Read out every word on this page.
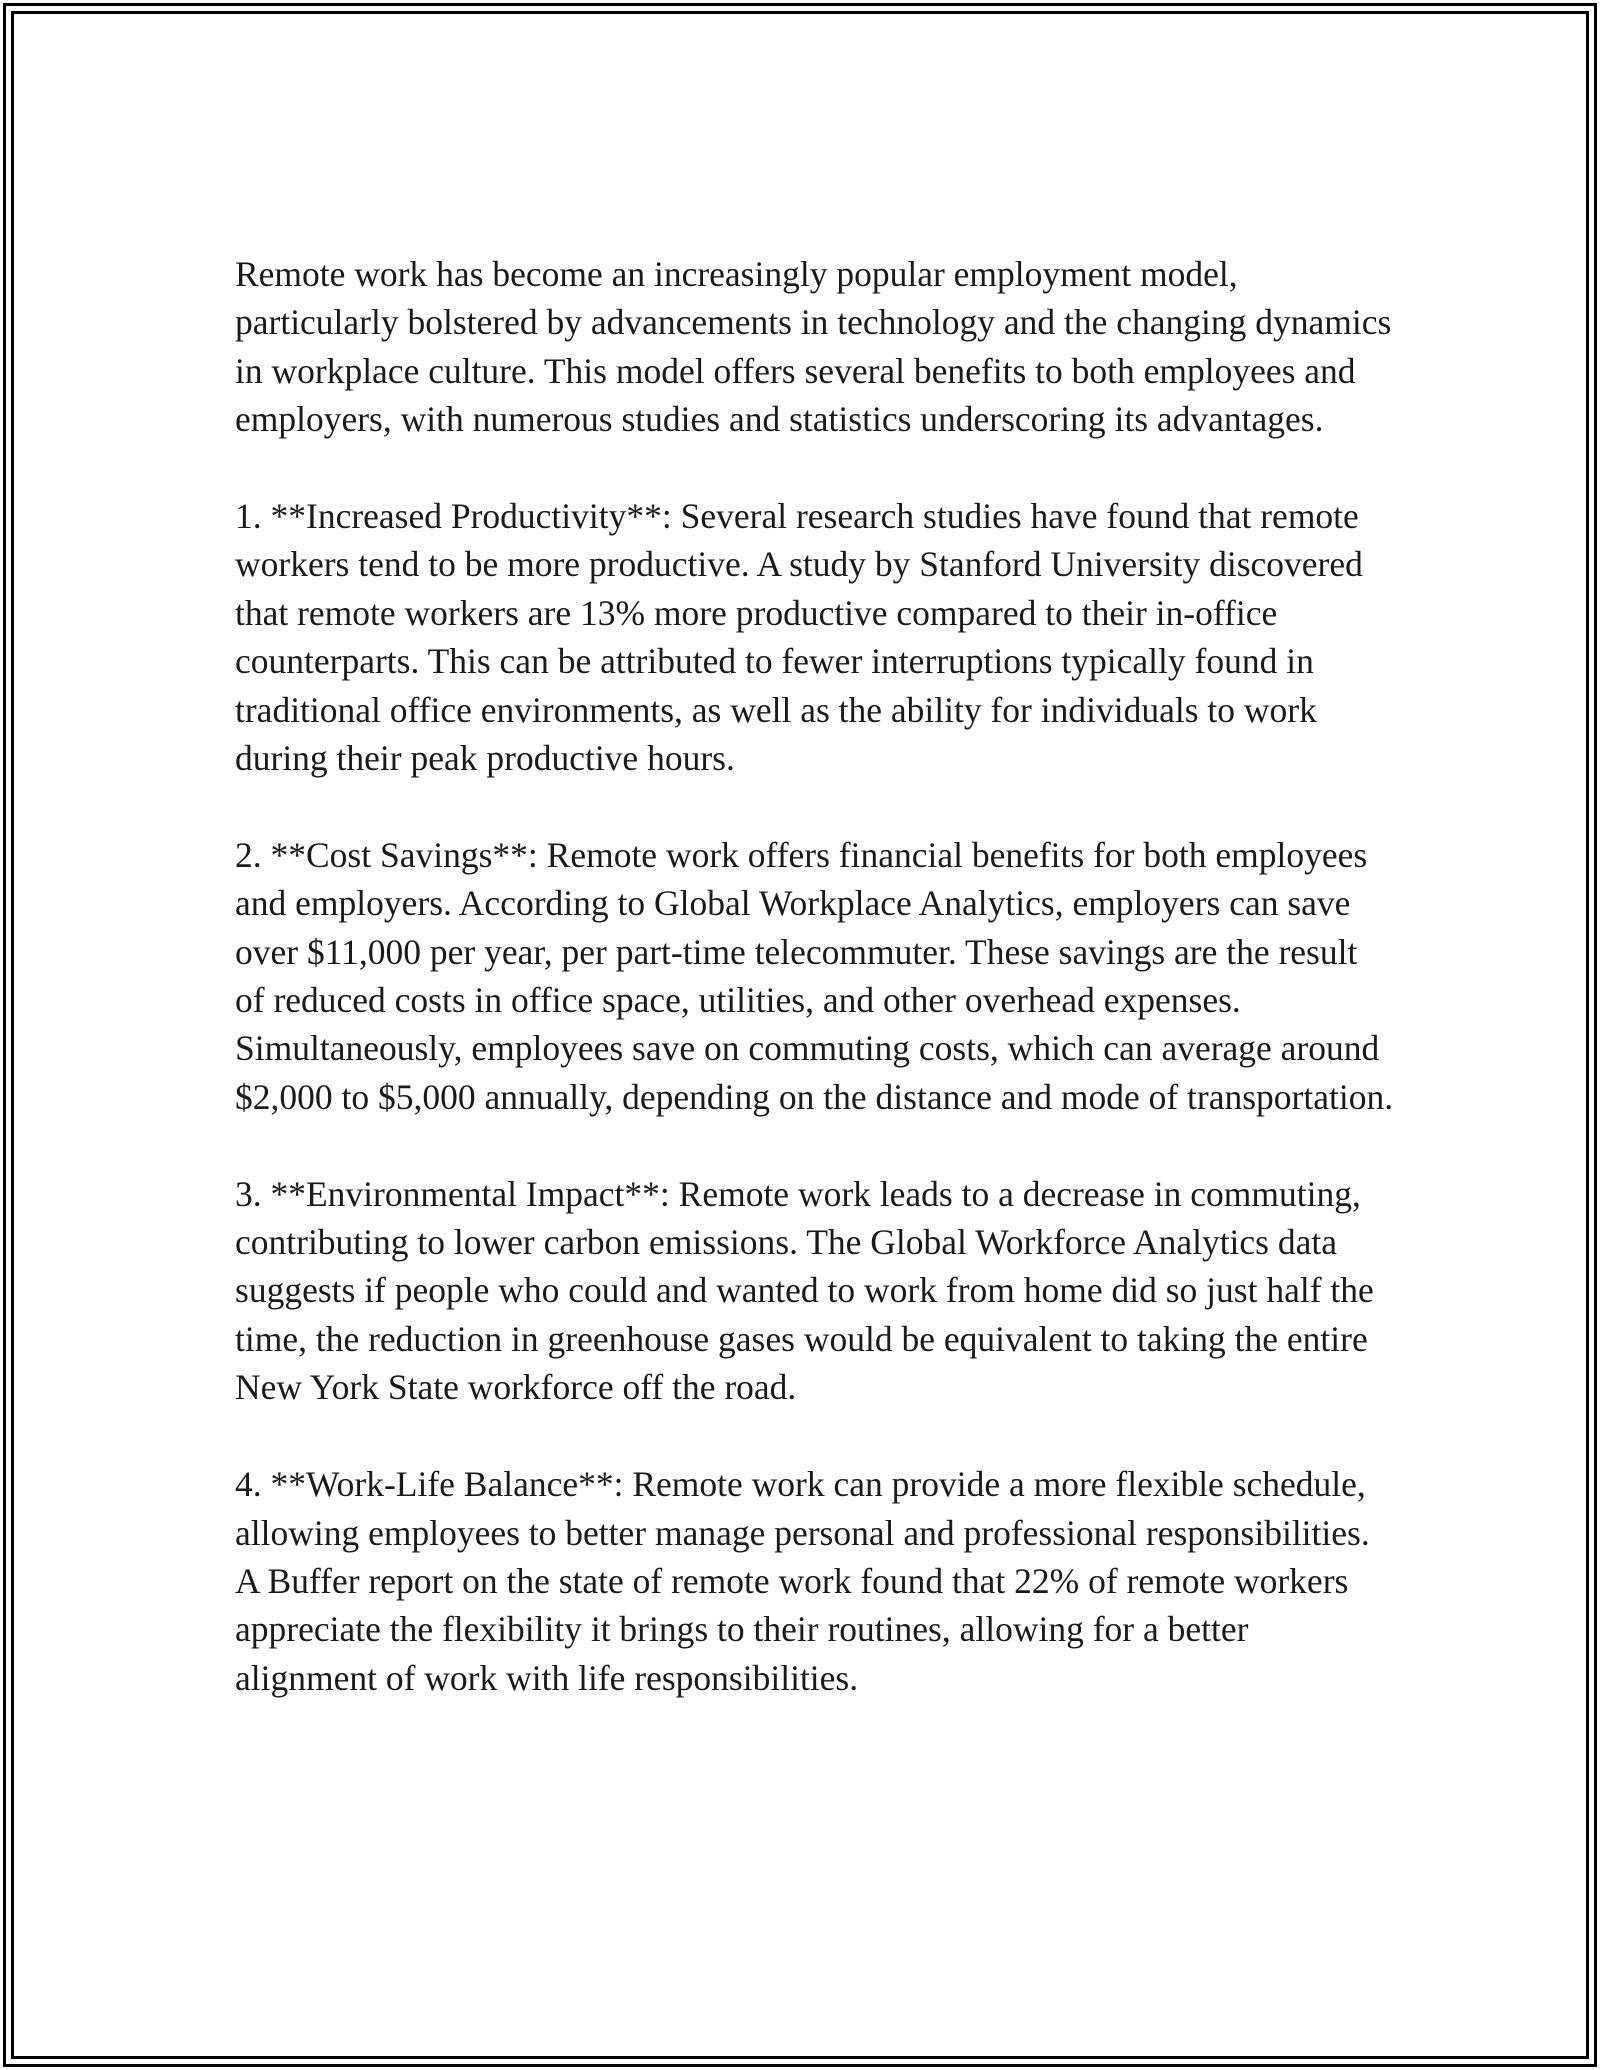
Remote work has become an increasingly popular employment model, particularly bolstered by advancements in technology and the changing dynamics in workplace culture. This model offers several benefits to both employees and employers, with numerous studies and statistics underscoring its advantages.

1. **Increased Productivity**: Several research studies have found that remote workers tend to be more productive. A study by Stanford University discovered that remote workers are 13% more productive compared to their in-office counterparts. This can be attributed to fewer interruptions typically found in traditional office environments, as well as the ability for individuals to work during their peak productive hours.

2. **Cost Savings**: Remote work offers financial benefits for both employees and employers. According to Global Workplace Analytics, employers can save over $11,000 per year, per part-time telecommuter. These savings are the result of reduced costs in office space, utilities, and other overhead expenses. Simultaneously, employees save on commuting costs, which can average around $2,000 to $5,000 annually, depending on the distance and mode of transportation.

3. **Environmental Impact**: Remote work leads to a decrease in commuting, contributing to lower carbon emissions. The Global Workforce Analytics data suggests if people who could and wanted to work from home did so just half the time, the reduction in greenhouse gases would be equivalent to taking the entire New York State workforce off the road.

4. **Work-Life Balance**: Remote work can provide a more flexible schedule, allowing employees to better manage personal and professional responsibilities. A Buffer report on the state of remote work found that 22% of remote workers appreciate the flexibility it brings to their routines, allowing for a better alignment of work with life responsibilities.
